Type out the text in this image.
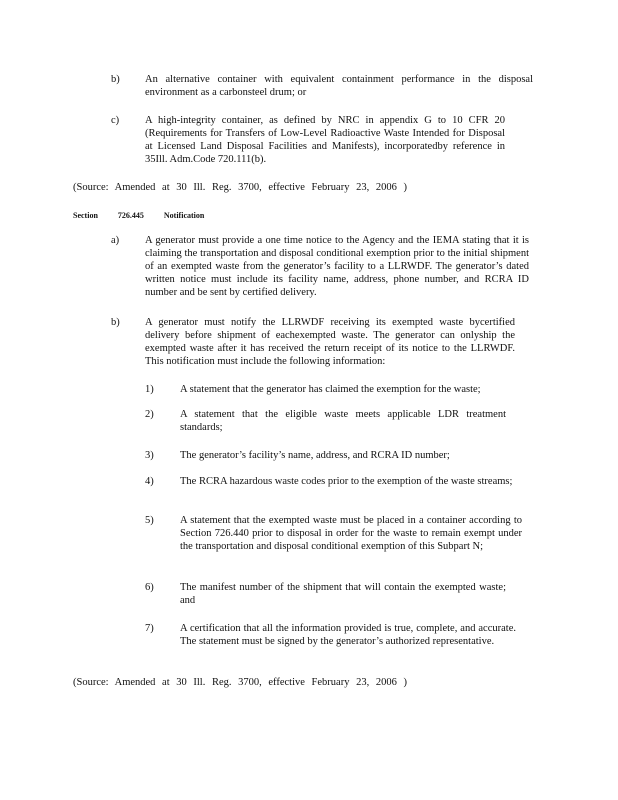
b) An alternative container with equivalent containment performance in the disposal environment as a carbonsteel drum; or
c) A high-integrity container, as defined by NRC in appendix G to 10 CFR 20 (Requirements for Transfers of Low-Level Radioactive Waste Intended for Disposal at Licensed Land Disposal Facilities and Manifests), incorporatedby reference in 35Ill. Adm.Code 720.111(b).
(Source: Amended at 30 Ill. Reg. 3700, effective February 23, 2006 )
Section	726.445	Notification
a) A generator must provide a one time notice to the Agency and the IEMA stating that it is claiming the transportation and disposal conditional exemption prior to the initial shipment of an exempted waste from the generator’s facility to a LLRWDF. The generator’s dated written notice must include its facility name, address, phone number, and RCRA ID number and be sent by certified delivery.
b) A generator must notify the LLRWDF receiving its exempted waste bycertified delivery before shipment of eachexempted waste. The generator can onlyship the exempted waste after it has received the return receipt of its notice to the LLRWDF. This notification must include the following information:
1)	A statement that the generator has claimed the exemption for the waste;
2)	A statement that the eligible waste meets applicable LDR treatment standards;
3)	The generator’s facility’s name, address, and RCRA ID number;
4)	The RCRA hazardous waste codes prior to the exemption of the waste streams;
5)	A statement that the exempted waste must be placed in a container according to Section 726.440 prior to disposal in order for the waste to remain exempt under the transportation and disposal conditional exemption of this Subpart N;
6)	The manifest number of the shipment that will contain the exempted waste; and
7)	A certification that all the information provided is true, complete, and accurate. The statement must be signed by the generator’s authorized representative.
(Source: Amended at 30 Ill. Reg. 3700, effective February 23, 2006 )
